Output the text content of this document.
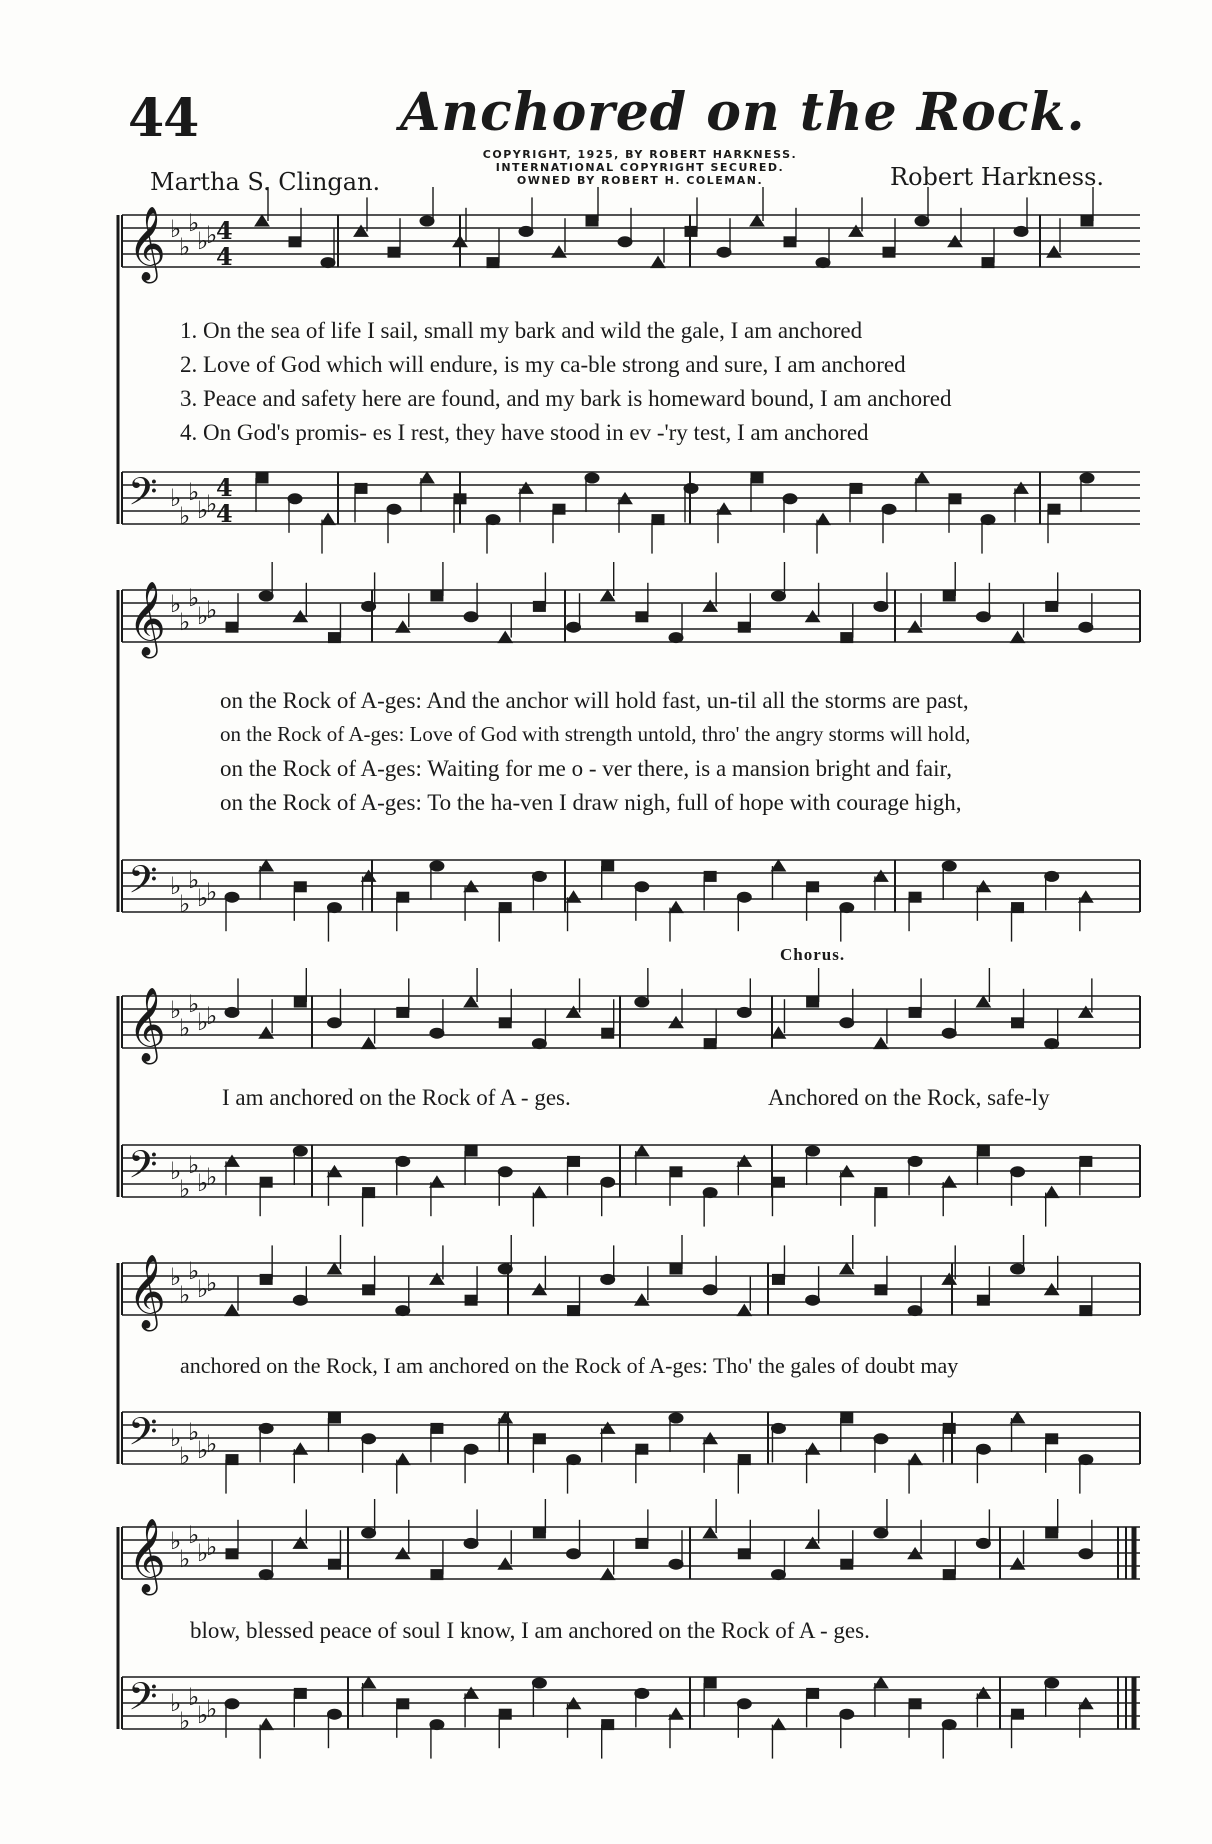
𝄞 ♭
♭
♭
♭
♭
4
4
𝄢 ♭
♭
♭
♭
♭
4
4
𝄞 ♭
♭
♭
♭
♭
𝄢 ♭
♭
♭
♭
♭
𝄞 ♭
♭
♭
♭
♭
𝄢 ♭
♭
♭
♭
♭
𝄞 ♭
♭
♭
♭
♭
𝄢 ♭
♭
♭
♭
♭
𝄞 ♭
♭
♭
♭
♭
𝄢 ♭
♭
♭
♭
♭
44	Anchored on the Rock.
COPYRIGHT, 1925, BY ROBERT HARKNESS.
INTERNATIONAL COPYRIGHT SECURED.
OWNED BY ROBERT H. COLEMAN.
Martha S. Clingan.	Robert Harkness.
1. On the sea of life I sail, small my bark and wild the gale, I am anchored
2. Love of God which will endure, is my ca-ble strong and sure, I am anchored
3. Peace and safety here are found, and my bark is homeward bound, I am anchored
4. On God's promis- es I rest, they have stood in ev -'ry test, I am anchored
on the Rock of A-ges: And the anchor will hold fast, un-til all the storms are past,
on the Rock of A-ges: Love of God with strength untold, thro' the angry storms will hold,
on the Rock of A-ges: Waiting for me o - ver there, is a mansion bright and fair,
on the Rock of A-ges: To the ha-ven I draw nigh, full of hope with courage high,
Chorus.
I am anchored on the Rock of A - ges.	Anchored on the Rock, safe-ly
anchored on the Rock, I am anchored on the Rock of A-ges: Tho' the gales of doubt may
blow, blessed peace of soul I know, I am anchored on the Rock of A - ges.
